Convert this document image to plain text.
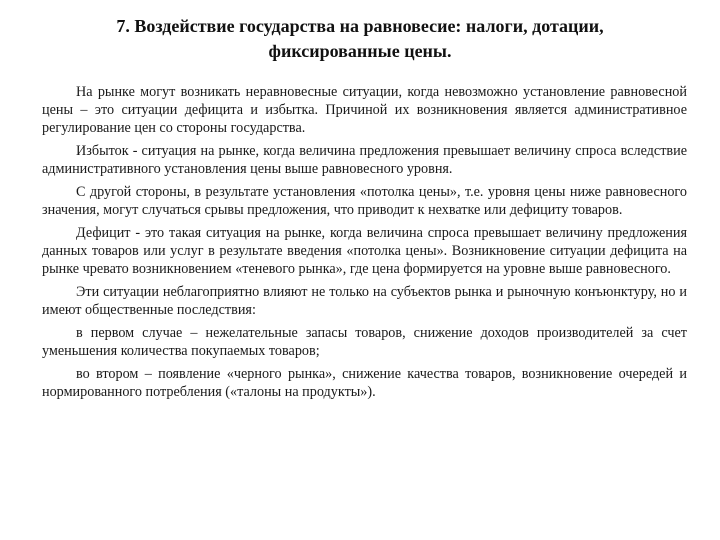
7. Воздействие государства на равновесие: налоги, дотации, фиксированные цены.

На рынке могут возникать неравновесные ситуации, когда невозможно установление равновесной цены – это ситуации дефицита и избытка. Причиной их возникновения является административное регулирование цен со стороны государства.

Избыток - ситуация на рынке, когда величина предложения превышает величину спроса вследствие административного установления цены выше равновесного уровня.

С другой стороны, в результате установления «потолка цены», т.е. уровня цены ниже равновесного значения, могут случаться срывы предложения, что приводит к нехватке или дефициту товаров.

Дефицит - это такая ситуация на рынке, когда величина спроса превышает величину предложения данных товаров или услуг в результате введения «потолка цены». Возникновение ситуации дефицита на рынке чревато возникновением «теневого рынка», где цена формируется на уровне выше равновесного.

Эти ситуации неблагоприятно влияют не только на субъектов рынка и рыночную конъюнктуру, но и имеют общественные последствия:

в первом случае – нежелательные запасы товаров, снижение доходов производителей за счет уменьшения количества покупаемых товаров;

во втором – появление «черного рынка», снижение качества товаров, возникновение очередей и нормированного потребления («талоны на продукты»).
